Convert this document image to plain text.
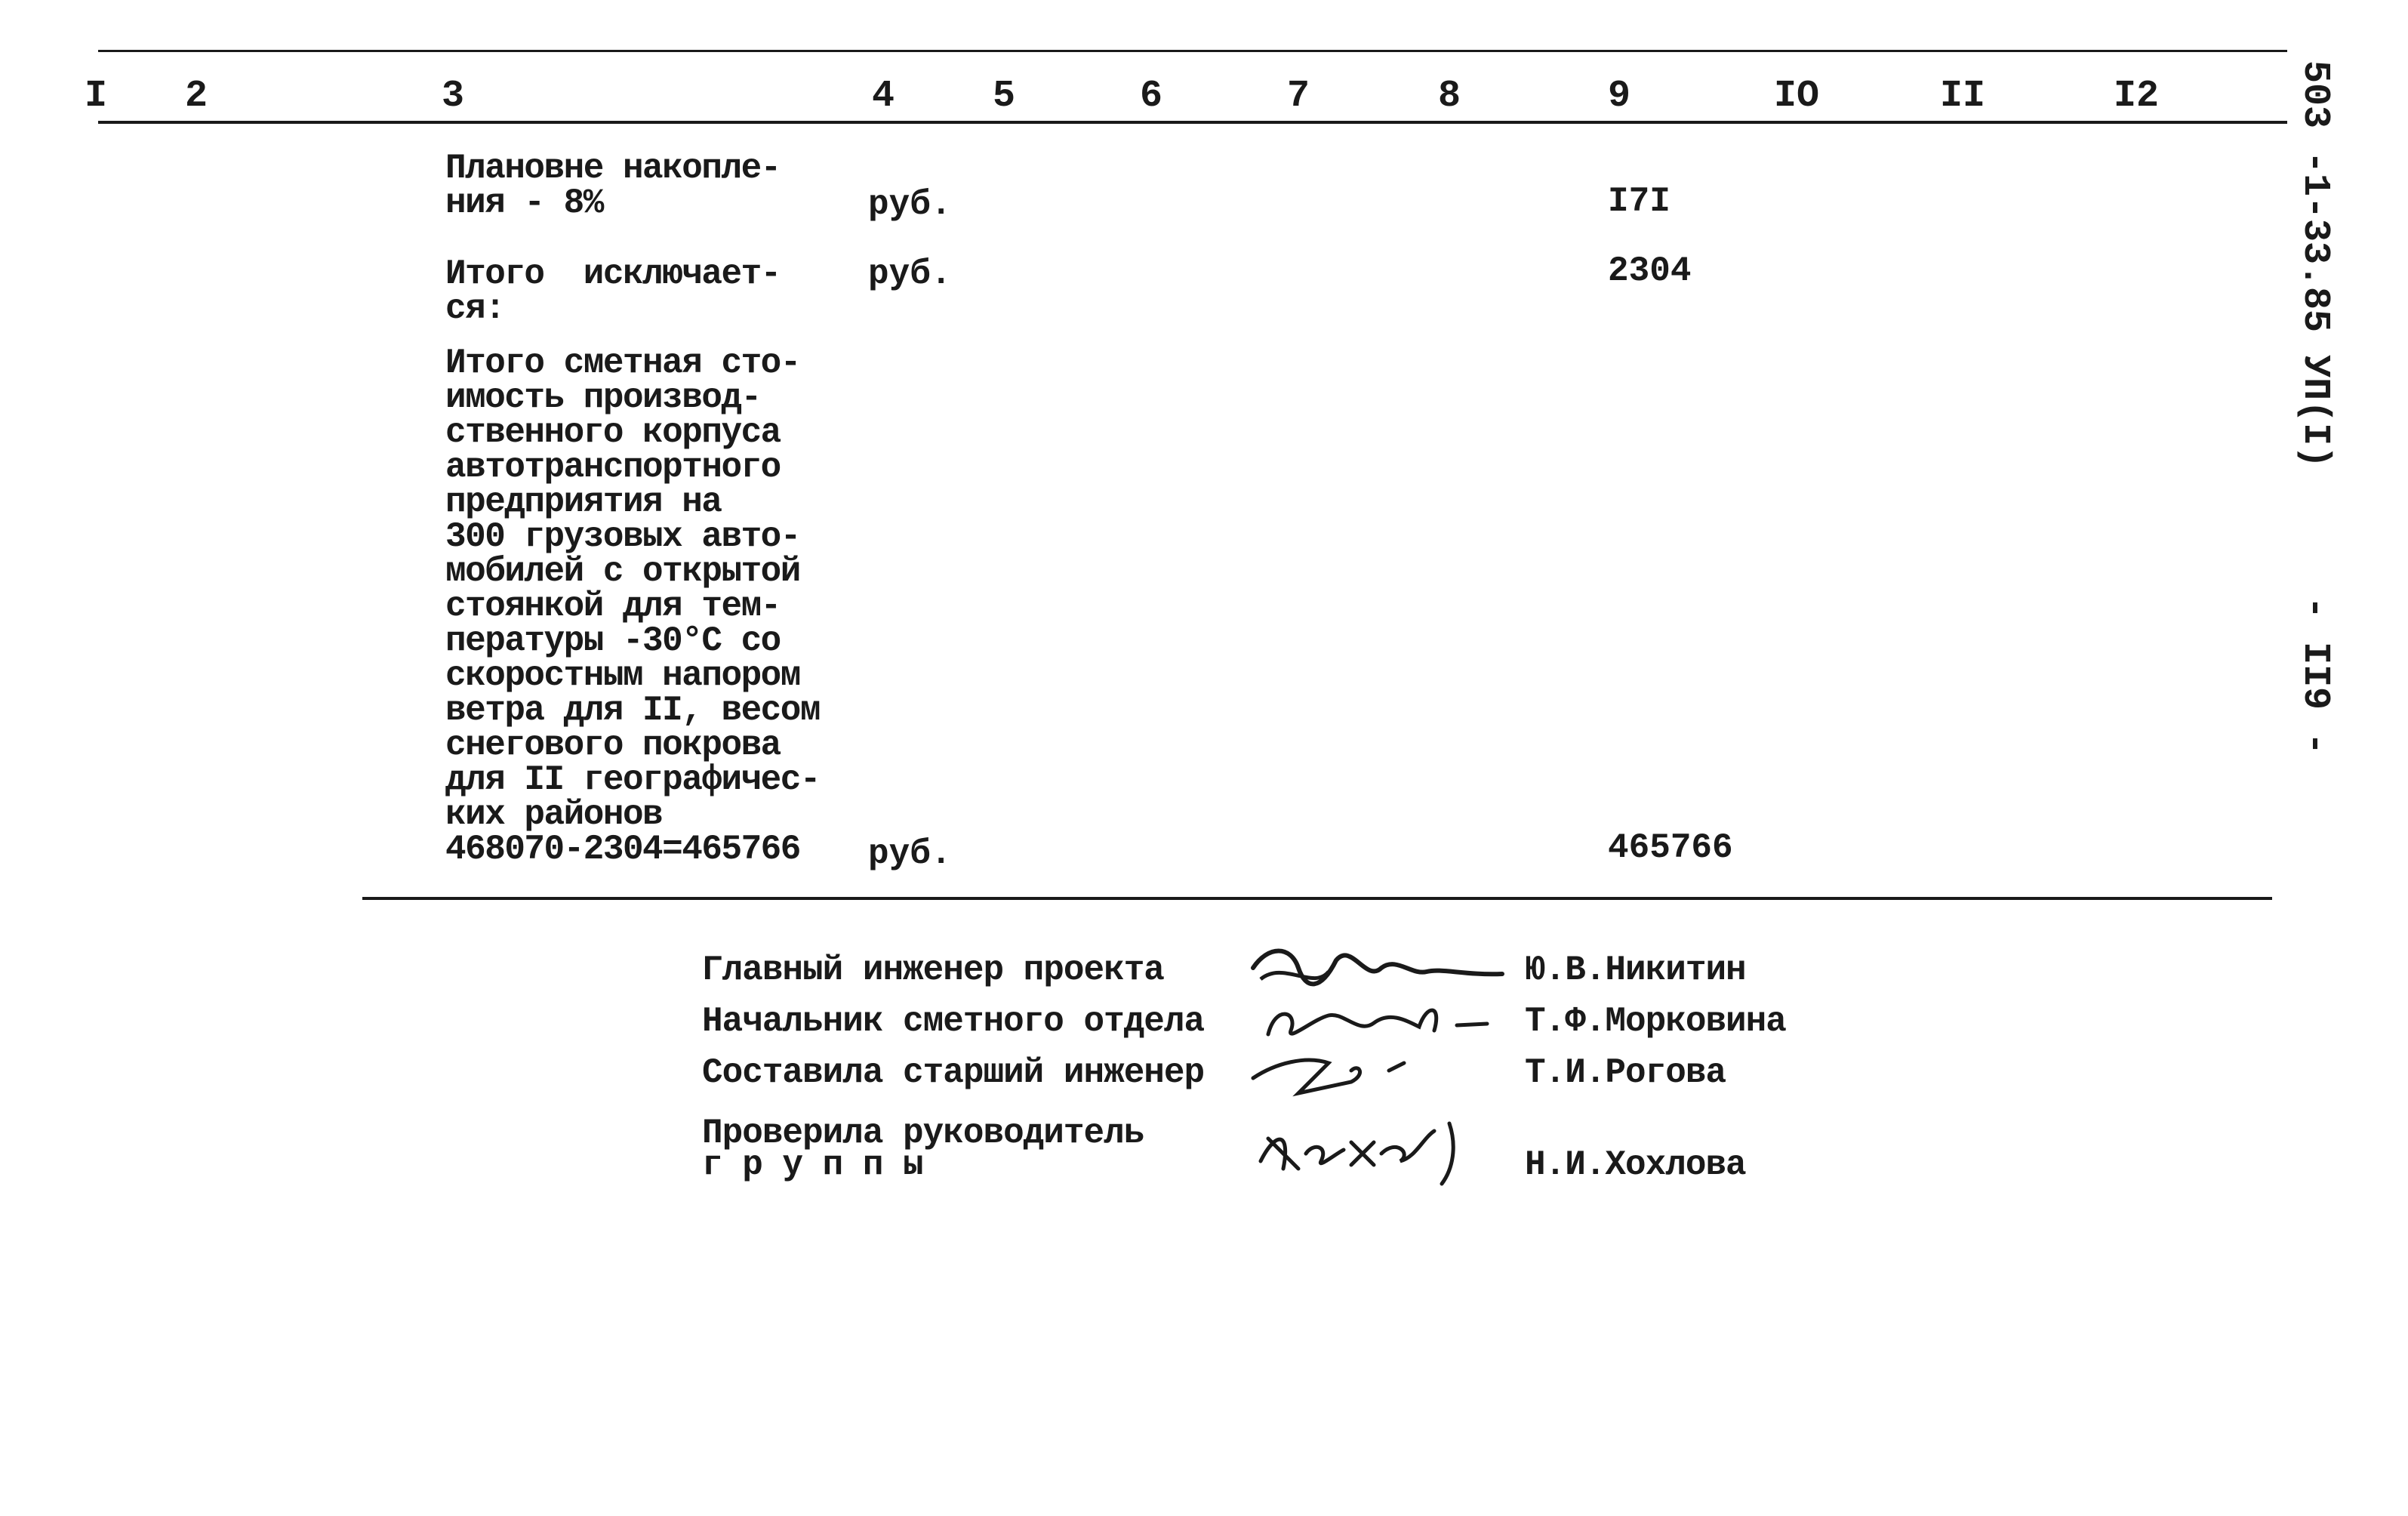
I 2	3	4	5	6	7	8	9	IO	II	I2
Плановне накопле-
ния - 8%	руб.	I7I
Итого  исключает-
ся:
руб.	2304
Итого сметная сто-
имость производ-
ственного корпуса
автотранспортного
предприятия на
300 грузовых авто-
мобилей с открытой
стоянкой для тем-
пературы -30°C со
скоростным напором
ветра для II, весом
снегового покрова
для II географичес-
ких районов
468070-2304=465766	руб.	465766
Главный инженер проекта	Ю.В.Никитин
Начальник сметного отдела	Т.Ф.Морковина
Составила старший инженер	Т.И.Рогова
Проверила руководитель
г р у п п ы	Н.И.Хохлова
503 -1-33.85 УП(I)
- II9 -
